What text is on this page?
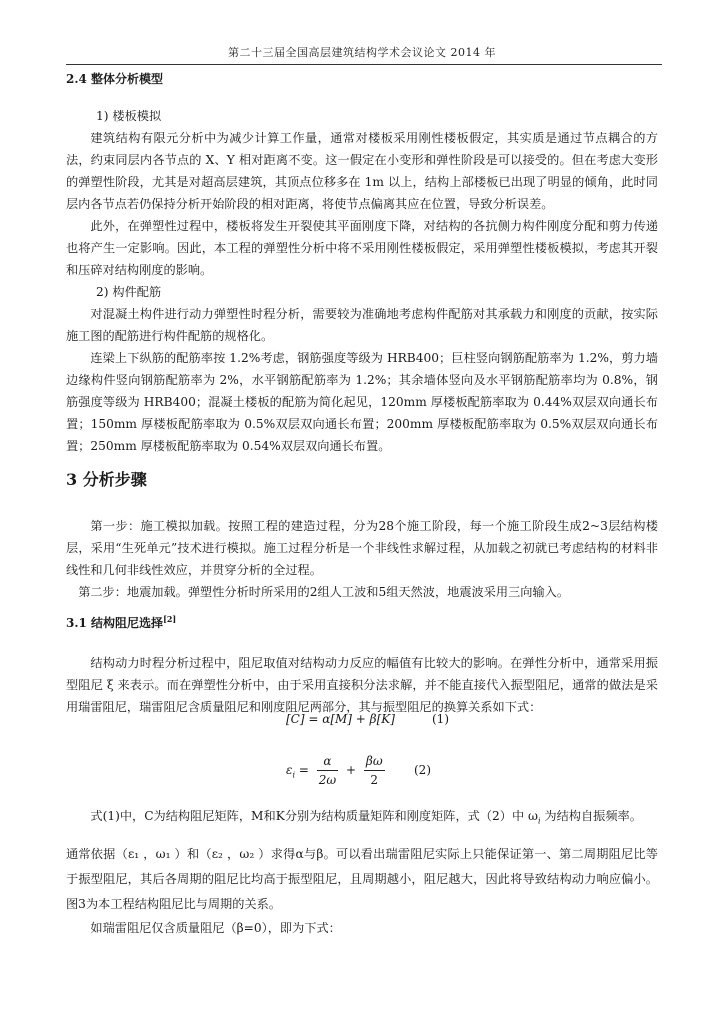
第二十三届全国高层建筑结构学术会议论文 2014 年
2.4 整体分析模型
1) 楼板模拟

建筑结构有限元分析中为减少计算工作量，通常对楼板采用刚性楼板假定，其实质是通过节点耦合的方法，约束同层内各节点的 X、Y 相对距离不变。这一假定在小变形和弹性阶段是可以接受的。但在考虑大变形的弹塑性阶段，尤其是对超高层建筑，其顶点位移多在 1m 以上，结构上部楼板已出现了明显的倾角，此时同层内各节点若仍保持分析开始阶段的相对距离，将使节点偏离其应在位置，导致分析误差。

此外，在弹塑性过程中，楼板将发生开裂使其平面刚度下降，对结构的各抗侧力构件刚度分配和剪力传递也将产生一定影响。因此，本工程的弹塑性分析中将不采用刚性楼板假定，采用弹塑性楼板模拟，考虑其开裂和压碎对结构刚度的影响。

2) 构件配筋

对混凝土构件进行动力弹塑性时程分析，需要较为准确地考虑构件配筋对其承载力和刚度的贡献，按实际施工图的配筋进行构件配筋的规格化。

连梁上下纵筋的配筋率按 1.2%考虑，钢筋强度等级为 HRB400；巨柱竖向钢筋配筋率为 1.2%，剪力墙边缘构件竖向钢筋配筋率为 2%，水平钢筋配筋率为 1.2%；其余墙体竖向及水平钢筋配筋率均为 0.8%，钢筋强度等级为 HRB400；混凝土楼板的配筋为简化起见，120mm 厚楼板配筋率取为 0.44%双层双向通长布置；150mm 厚楼板配筋率取为 0.5%双层双向通长布置；200mm 厚楼板配筋率取为 0.5%双层双向通长布置；250mm 厚楼板配筋率取为 0.54%双层双向通长布置。

3 分析步骤

第一步：施工模拟加载。按照工程的建造过程，分为28个施工阶段，每一个施工阶段生成2~3层结构楼层，采用“生死单元”技术进行模拟。施工过程分析是一个非线性求解过程，从加载之初就已考虑结构的材料非线性和几何非线性效应，并贯穿分析的全过程。

第二步：地震加载。弹塑性分析时所采用的2组人工波和5组天然波，地震波采用三向输入。

3.1 结构阻尼选择[2]

结构动力时程分析过程中，阻尼取值对结构动力反应的幅值有比较大的影响。在弹性分析中，通常采用振型阻尼 ξ 来表示。而在弹塑性分析中，由于采用直接积分法求解，并不能直接代入振型阻尼，通常的做法是采用瑞雷阻尼，瑞雷阻尼含质量阻尼和刚度阻尼两部分，其与振型阻尼的换算关系如下式：

[C] = α[M] + β[K]	(1)
$\varepsilon_i = \frac{\alpha}{2\omega} + \frac{\beta\omega}{2} (2)$

式(1)中，C为结构阻尼矩阵，M和K分别为结构质量矩阵和刚度矩阵，式（2）中 $\omega_i$ 为结构自振频率。

通常依据（ε₁ ，ω₁ ）和（ε₂ ，ω₂ ）求得α与β。可以看出瑞雷阻尼实际上只能保证第一、第二周期阻尼比等于振型阻尼，其后各周期的阻尼比均高于振型阻尼，且周期越小，阻尼越大，因此将导致结构动力响应偏小。图3为本工程结构阻尼比与周期的关系。

如瑞雷阻尼仅含质量阻尼（β=0），即为下式：
